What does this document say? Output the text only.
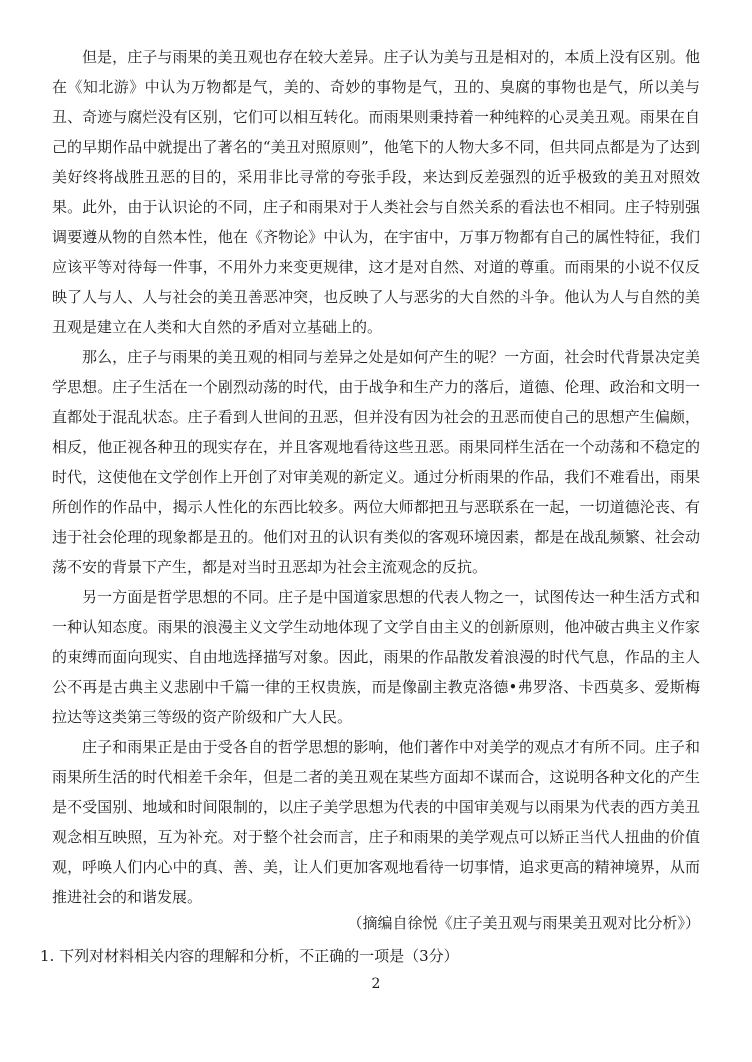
但是，庄子与雨果的美丑观也存在较大差异。庄子认为美与丑是相对的，本质上没有区别。他在《知北游》中认为万物都是气，美的、奇妙的事物是气，丑的、臭腐的事物也是气，所以美与丑、奇迹与腐烂没有区别，它们可以相互转化。而雨果则秉持着一种纯粹的心灵美丑观。雨果在自己的早期作品中就提出了著名的“美丑对照原则”，他笔下的人物大多不同，但共同点都是为了达到美好终将战胜丑恶的目的，采用非比寻常的夸张手段，来达到反差强烈的近乎极致的美丑对照效果。此外，由于认识论的不同，庄子和雨果对于人类社会与自然关系的看法也不相同。庄子特别强调要遵从物的自然本性，他在《齐物论》中认为，在宇宙中，万事万物都有自己的属性特征，我们应该平等对待每一件事，不用外力来变更规律，这才是对自然、对道的尊重。而雨果的小说不仅反映了人与人、人与社会的美丑善恶冲突，也反映了人与恶劣的大自然的斗争。他认为人与自然的美丑观是建立在人类和大自然的矛盾对立基础上的。

那么，庄子与雨果的美丑观的相同与差异之处是如何产生的呢？一方面，社会时代背景决定美学思想。庄子生活在一个剧烈动荡的时代，由于战争和生产力的落后，道德、伦理、政治和文明一直都处于混乱状态。庄子看到人世间的丑恶，但并没有因为社会的丑恶而使自己的思想产生偏颇，相反，他正视各种丑的现实存在，并且客观地看待这些丑恶。雨果同样生活在一个动荡和不稳定的时代，这使他在文学创作上开创了对审美观的新定义。通过分析雨果的作品，我们不难看出，雨果所创作的作品中，揭示人性化的东西比较多。两位大师都把丑与恶联系在一起，一切道德沦丧、有违于社会伦理的现象都是丑的。他们对丑的认识有类似的客观环境因素，都是在战乱频繁、社会动荡不安的背景下产生，都是对当时丑恶却为社会主流观念的反抗。

另一方面是哲学思想的不同。庄子是中国道家思想的代表人物之一，试图传达一种生活方式和一种认知态度。雨果的浪漫主义文学生动地体现了文学自由主义的创新原则，他冲破古典主义作家的束缚而面向现实、自由地选择描写对象。因此，雨果的作品散发着浪漫的时代气息，作品的主人公不再是古典主义悲剧中千篇一律的王权贵族，而是像副主教克洛德•弗罗洛、卡西莫多、爱斯梅拉达等这类第三等级的资产阶级和广大人民。

庄子和雨果正是由于受各自的哲学思想的影响，他们著作中对美学的观点才有所不同。庄子和雨果所生活的时代相差千余年，但是二者的美丑观在某些方面却不谋而合，这说明各种文化的产生是不受国别、地域和时间限制的，以庄子美学思想为代表的中国审美观与以雨果为代表的西方美丑观念相互映照，互为补充。对于整个社会而言，庄子和雨果的美学观点可以矫正当代人扭曲的价值观，呼唤人们内心中的真、善、美，让人们更加客观地看待一切事情，追求更高的精神境界，从而推进社会的和谐发展。

（摘编自徐悦《庄子美丑观与雨果美丑观对比分析》）
1. 下列对材料相关内容的理解和分析，不正确的一项是（3分）
2
